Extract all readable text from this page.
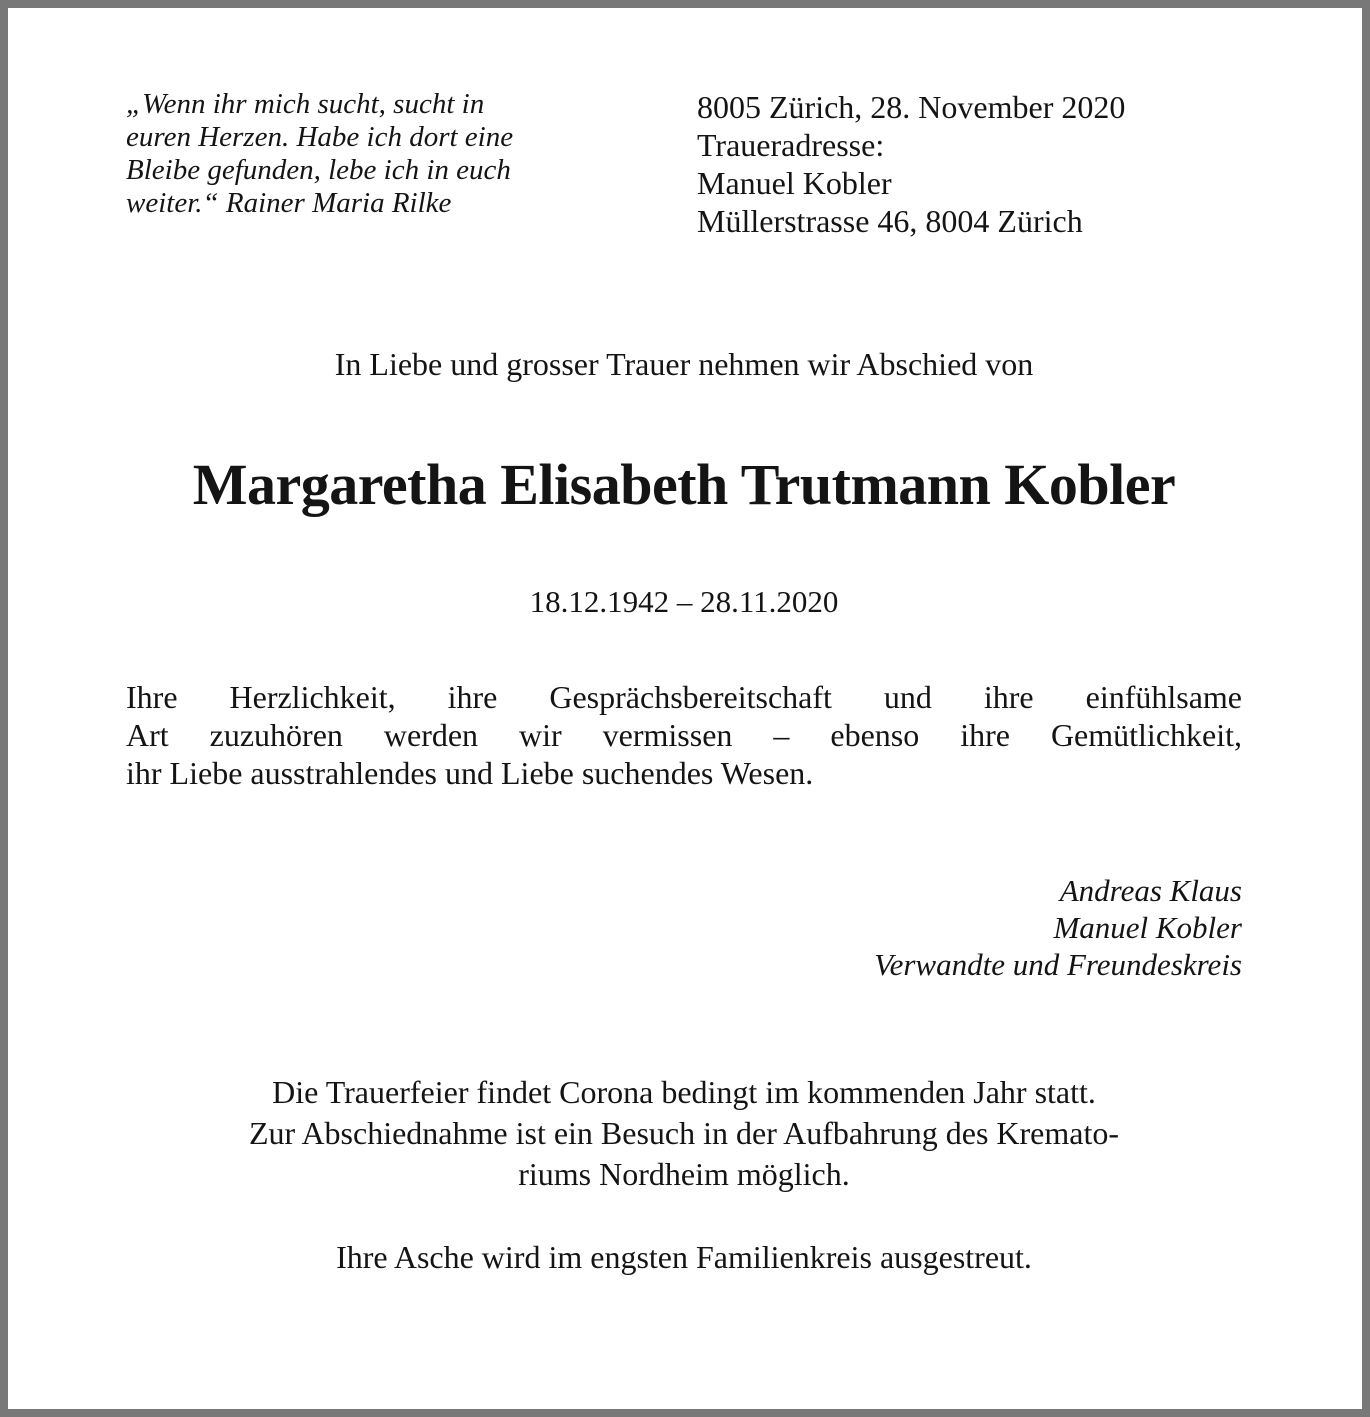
„Wenn ihr mich sucht, sucht in
euren Herzen. Habe ich dort eine
Bleibe gefunden, lebe ich in euch
weiter.“ Rainer Maria Rilke
8005 Zürich, 28. November 2020
Traueradresse:
Manuel Kobler
Müllerstrasse 46, 8004 Zürich
In Liebe und grosser Trauer nehmen wir Abschied von
Margaretha Elisabeth Trutmann Kobler
18.12.1942 – 28.11.2020
Ihre Herzlichkeit, ihre Gesprächsbereitschaft und ihre einfühlsame
Art zuzuhören werden wir vermissen – ebenso ihre Gemütlichkeit,
ihr Liebe ausstrahlendes und Liebe suchendes Wesen.
Andreas Klaus
Manuel Kobler
Verwandte und Freundeskreis
Die Trauerfeier findet Corona bedingt im kommenden Jahr statt.
Zur Abschiednahme ist ein Besuch in der Aufbahrung des Kremato-
riums Nordheim möglich.
Ihre Asche wird im engsten Familienkreis ausgestreut.
